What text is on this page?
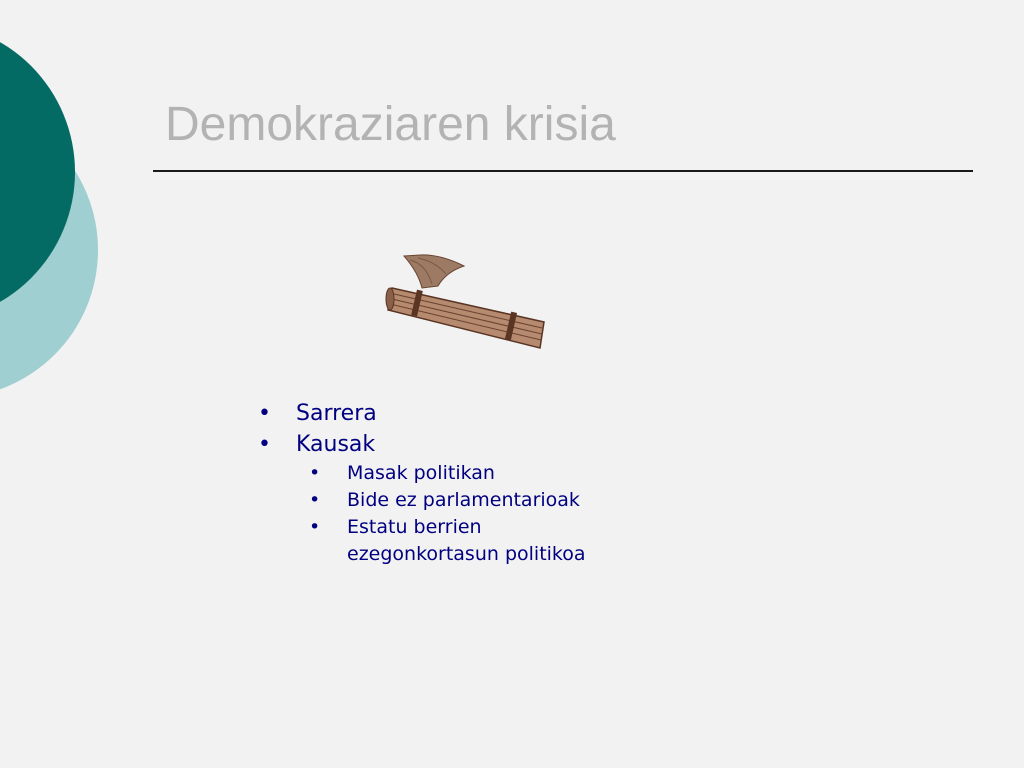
Demokraziaren krisia
• Sarrera
• Kausak
• Masak politikan
• Bide ez parlamentarioak
• Estatu berrien
ezegonkortasun politikoa
